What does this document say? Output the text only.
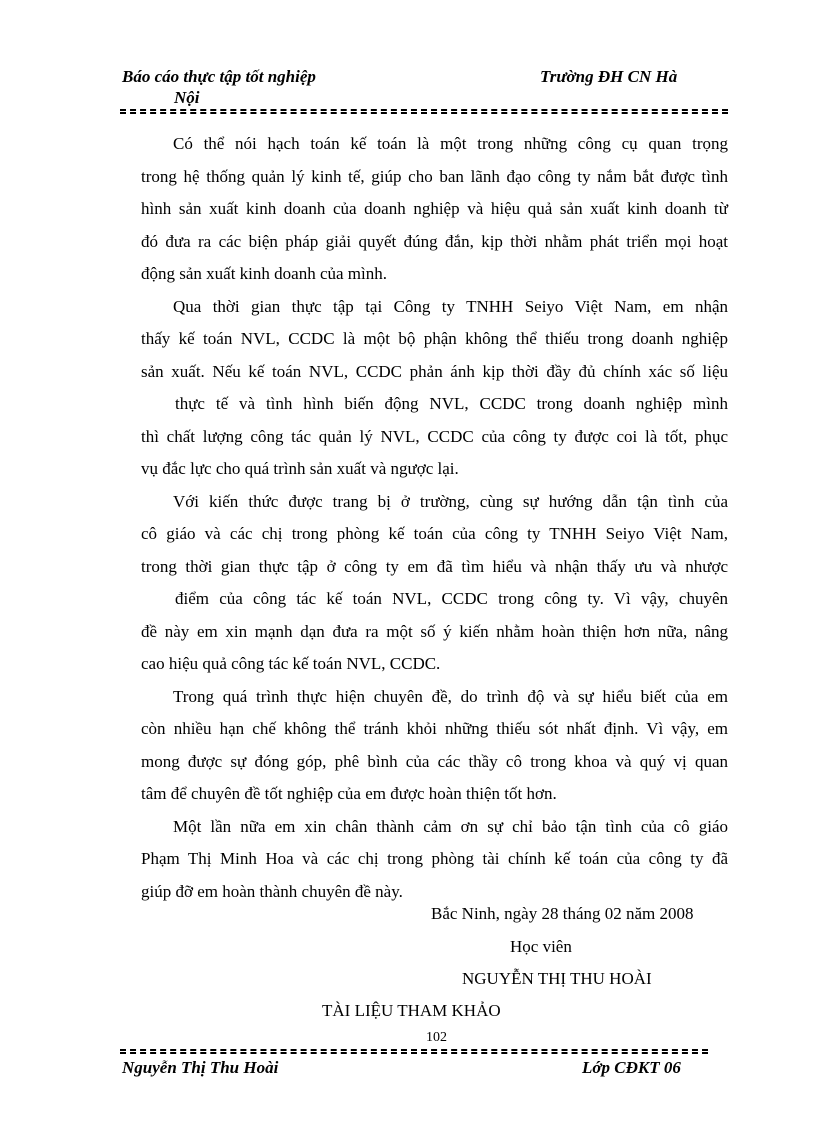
Báo cáo thực tập tốt nghiệp
Nội
Trường ĐH CN Hà

Có thể nói hạch toán kế toán là một trong những công cụ quan trọng
trong hệ thống quản lý kinh tế, giúp cho ban lãnh đạo công ty nắm bắt được tình
hình sản xuất kinh doanh của doanh nghiệp và hiệu quả sản xuất kinh doanh từ
đó đưa ra các biện pháp giải quyết đúng đắn, kịp thời nhằm phát triển mọi hoạt
động sản xuất kinh doanh của mình.

Qua thời gian thực tập tại Công ty TNHH Seiyo Việt Nam, em nhận
thấy kế toán NVL, CCDC là một bộ phận không thể thiếu trong doanh nghiệp
sản xuất. Nếu kế toán NVL, CCDC phản ánh kịp thời đầy đủ chính xác số liệu
thực tế và tình hình biến động NVL, CCDC trong doanh nghiệp mình
thì chất lượng công tác quản lý NVL, CCDC của công ty được coi là tốt, phục
vụ đắc lực cho quá trình sản xuất và ngược lại.

Với kiến thức được trang bị ở trường, cùng sự hướng dẫn tận tình của
cô giáo và các chị trong phòng kế toán của công ty TNHH Seiyo Việt Nam,
trong thời gian thực tập ở công ty em đã tìm hiểu và nhận thấy ưu và nhược
điểm của công tác kế toán NVL, CCDC trong công ty. Vì vậy, chuyên
đề này em xin mạnh dạn đưa ra một số ý kiến nhằm hoàn thiện hơn nữa, nâng
cao hiệu quả công tác kế toán NVL, CCDC.

Trong quá trình thực hiện chuyên đề, do trình độ và sự hiểu biết của em
còn nhiều hạn chế không thể tránh khỏi những thiếu sót nhất định. Vì vậy, em
mong được sự đóng góp, phê bình của các thầy cô trong khoa và quý vị quan
tâm để chuyên đề tốt nghiệp của em được hoàn thiện tốt hơn.

Một lần nữa em xin chân thành cảm ơn sự chỉ bảo tận tình của cô giáo
Phạm Thị Minh Hoa và các chị trong phòng tài chính kế toán của công ty đã
giúp đỡ em hoàn thành chuyên đề này.

Bắc Ninh, ngày 28 tháng 02 năm 2008
Học viên
NGUYỄN THỊ THU HOÀI
TÀI LIỆU THAM KHẢO
102
Nguyễn Thị Thu Hoài	Lớp CĐKT 06
